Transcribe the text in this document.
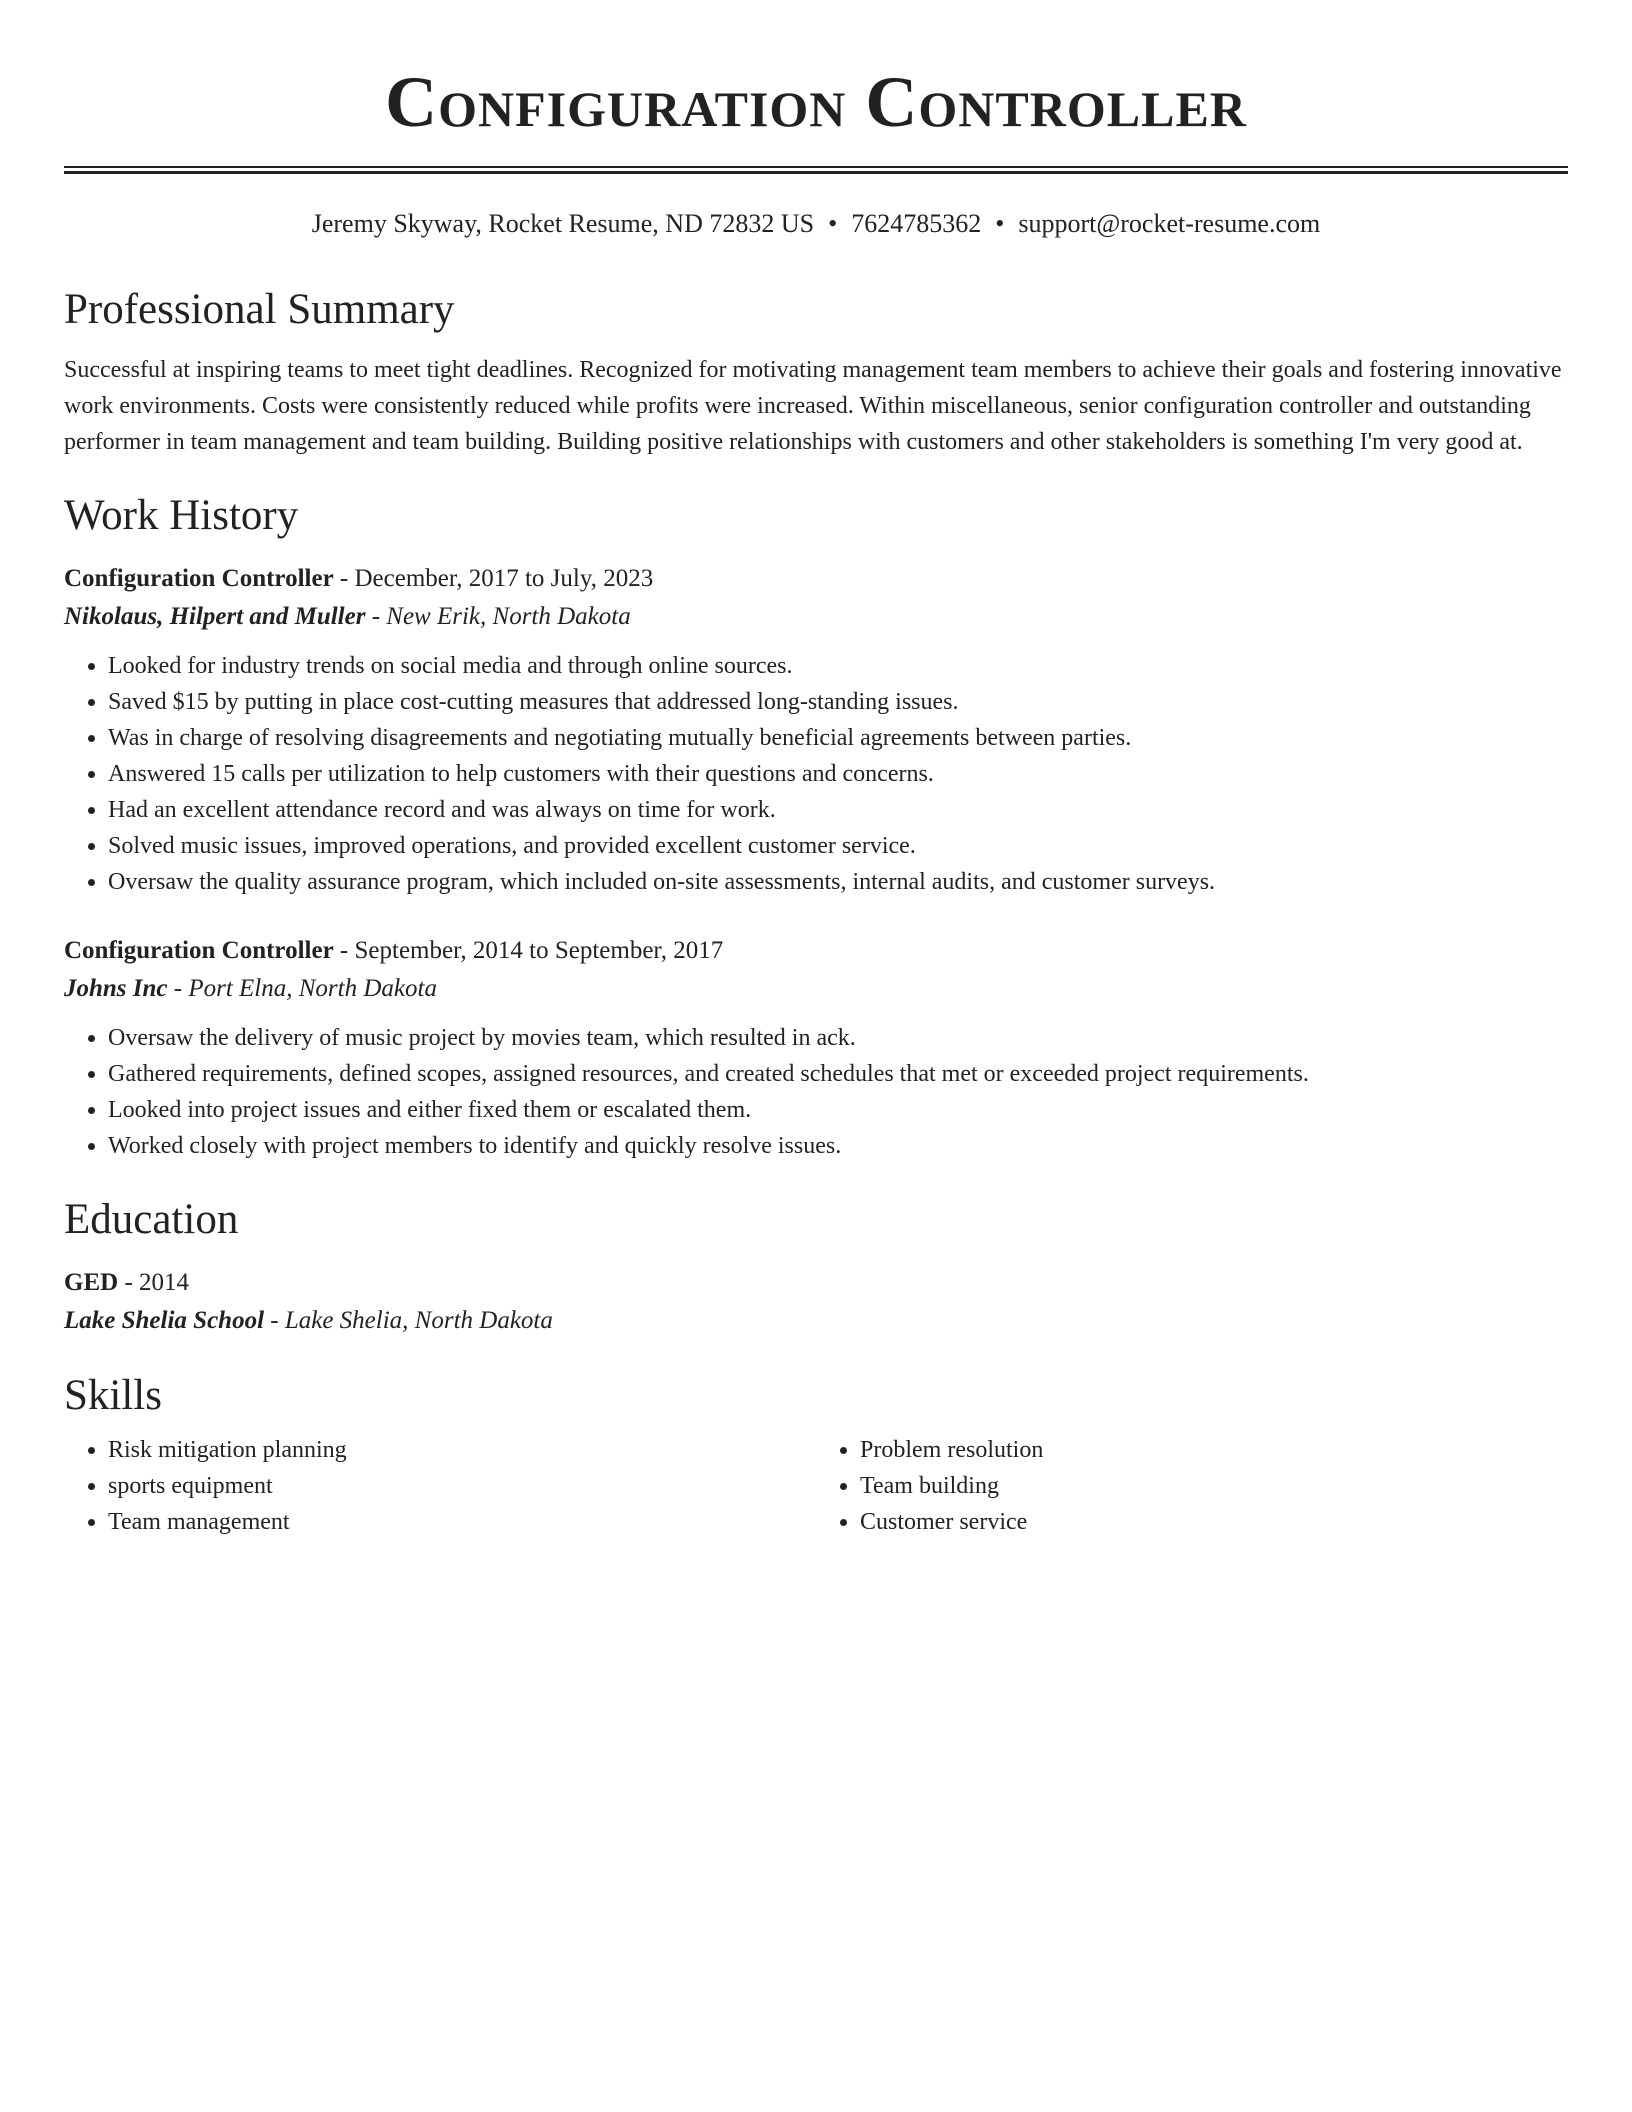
Configuration Controller
Jeremy Skyway, Rocket Resume, ND 72832 US • 7624785362 • support@rocket-resume.com
Professional Summary

Successful at inspiring teams to meet tight deadlines. Recognized for motivating management team members to achieve their goals and fostering innovative work environments. Costs were consistently reduced while profits were increased. Within miscellaneous, senior configuration controller and outstanding performer in team management and team building. Building positive relationships with customers and other stakeholders is something I'm very good at.

Work History
Configuration Controller - December, 2017 to July, 2023
Nikolaus, Hilpert and Muller - New Erik, North Dakota
• Looked for industry trends on social media and through online sources.
• Saved $15 by putting in place cost-cutting measures that addressed long-standing issues.
• Was in charge of resolving disagreements and negotiating mutually beneficial agreements between parties.
• Answered 15 calls per utilization to help customers with their questions and concerns.
• Had an excellent attendance record and was always on time for work.
• Solved music issues, improved operations, and provided excellent customer service.
• Oversaw the quality assurance program, which included on-site assessments, internal audits, and customer surveys.
Configuration Controller - September, 2014 to September, 2017
Johns Inc - Port Elna, North Dakota
• Oversaw the delivery of music project by movies team, which resulted in ack.
• Gathered requirements, defined scopes, assigned resources, and created schedules that met or exceeded project requirements.
• Looked into project issues and either fixed them or escalated them.
• Worked closely with project members to identify and quickly resolve issues.
Education
GED - 2014
Lake Shelia School - Lake Shelia, North Dakota
Skills
• Risk mitigation planning
• sports equipment
• Team management
• Problem resolution
• Team building
• Customer service
